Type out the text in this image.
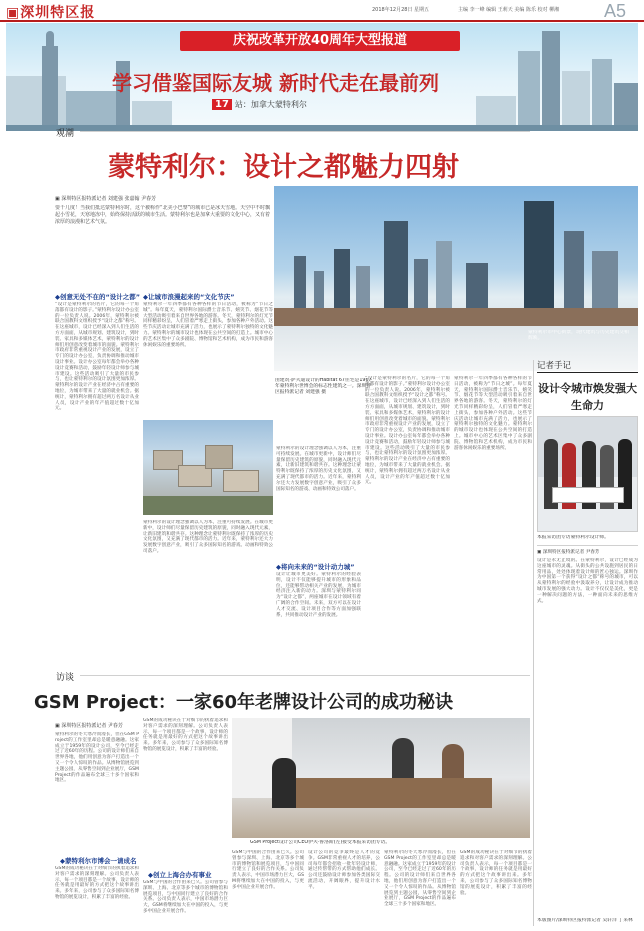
▣深圳特区报	2018年12月28日 星期五	主编 李一峰 编辑 王莉天 美编 陈乐 校对 柳湘 A5
庆祝改革开放40周年大型报道
学习借鉴国际友城 新时代走在最前列
17 站：加拿大蒙特利尔
观潮
蒙特利尔：设计之都魅力四射
▣ 深圳特区报特派记者 刘建强 张嘉翰 尹春芳
要千几度！当我们抵达蒙特利尔时，这个被称作“北美小巴黎”的城市已是冰天雪地。天空中不时飘起小雪花，天寒地冻中，始终保持活跃的城市生活。蒙特利尔也是加拿大重要的文化中心，又有着浓厚的浪漫和艺术气氛。
蒙特利尔市中心街景，现代建筑与历史建筑交相辉映。
◆创意无处不在的“设计之都”
“设计是蒙特利尔的名片，它的每一个角落都有设计的影子。”蒙特利尔设计办公室的一位负责人说。2006年，蒙特利尔被联合国教科文组织授予“设计之都”称号。在这座城市，设计已经深入到人们生活的方方面面，从城市规划、建筑设计，到时装、家具和多媒体艺术，蒙特利尔的设计师们用创意改变着城市的面貌。蒙特利尔市政府非常重视设计产业的发展，设立了专门的设计办公室，负责协调和推动城市设计事业。设计办公室每年都会举办各种设计竞赛和活动，鼓励年轻设计师参与城市建设。这些活动吸引了大量的市民参与，也让蒙特利尔的设计氛围更加浓厚。蒙特利尔的设计产业在经济中占有重要的地位，为城市带来了大量的就业机会。据统计，蒙特利尔拥有超过两万名设计从业人员，设计产业的年产值超过数十亿加元。
◆让城市浪漫起来的“文化节庆”
蒙特利尔一年四季都有各种各样的节日活动，被称为“节日之城”。每年夏天，蒙特利尔国际爵士音乐节、嬉笑节、烟花节等大型活动吸引着来自世界各地的游客。冬天，蒙特利尔的灯光节同样精彩纷呈，人们冒着严寒走上街头，参加各种户外活动。这些节庆活动让城市充满了活力，也展示了蒙特利尔独特的文化魅力。蒙特利尔的城市设计也体现在公共空间的打造上。城市中心的艺术区集中了众多剧院、博物馆和艺术机构，成为市民和游客休闲娱乐的重要场所。
由建筑·萨夫迪设计的Habitat 67住宅是1967年蒙特利尔世博会的标志性建筑之一。深圳特区报特派记者 刘建强 摄
蒙特利尔的设计理念强调以人为本，注重可持续发展。在城市更新中，设计师们尽量保留历史建筑的原貌，同时融入现代元素，让新旧建筑和谐共存。这种理念让蒙特利尔既保持了浓厚的历史文化氛围，又充满了现代都市的活力。近年来，蒙特利尔还大力发展数字创意产业，吸引了众多国际知名的游戏、动画和特效公司落户。
蒙特利尔的设计理念强调以人为本，注重可持续发展。在城市更新中，设计师们尽量保留历史建筑的原貌，同时融入现代元素，让新旧建筑和谐共存。这种理念让蒙特利尔既保持了浓厚的历史文化氛围，又充满了现代都市的活力。近年来，蒙特利尔还大力发展数字创意产业，吸引了众多国际知名的游戏、动画和特效公司落户。
◆将向未来的“设计动力城”
设计让城市更美好。蒙特利尔的经验表明，设计不仅能够提升城市的形象和品位，还能够带动相关产业的发展，为城市经济注入新的动力。深圳与蒙特利尔同为“设计之都”，两座城市在设计领域有着广阔的合作空间。未来，双方可以在设计人才交流、设计项目合作等方面加强联系，共同推动设计产业的发展。
“设计是蒙特利尔的名片，它的每一个角落都有设计的影子。”蒙特利尔设计办公室的一位负责人说。2006年，蒙特利尔被联合国教科文组织授予“设计之都”称号。在这座城市，设计已经深入到人们生活的方方面面，从城市规划、建筑设计，到时装、家具和多媒体艺术，蒙特利尔的设计师们用创意改变着城市的面貌。蒙特利尔市政府非常重视设计产业的发展，设立了专门的设计办公室，负责协调和推动城市设计事业。设计办公室每年都会举办各种设计竞赛和活动，鼓励年轻设计师参与城市建设。这些活动吸引了大量的市民参与，也让蒙特利尔的设计氛围更加浓厚。蒙特利尔的设计产业在经济中占有重要的地位，为城市带来了大量的就业机会。据统计，蒙特利尔拥有超过两万名设计从业人员，设计产业的年产值超过数十亿加元。
蒙特利尔一年四季都有各种各样的节日活动，被称为“节日之城”。每年夏天，蒙特利尔国际爵士音乐节、嬉笑节、烟花节等大型活动吸引着来自世界各地的游客。冬天，蒙特利尔的灯光节同样精彩纷呈，人们冒着严寒走上街头，参加各种户外活动。这些节庆活动让城市充满了活力，也展示了蒙特利尔独特的文化魅力。蒙特利尔的城市设计也体现在公共空间的打造上。城市中心的艺术区集中了众多剧院、博物馆和艺术机构，成为市民和游客休闲娱乐的重要场所。
记者手记
设计令城市焕发强大生命力
本报采访团专访蒙特利尔设计师。
▣ 深圳特区报特派记者 尹春芳
设计是永无止境的。在蒙特利尔，设计已经成为这座城市的灵魂。从街头的公共设施到居民的日常用品，处处体现着设计师的匠心独运。深圳作为中国第一个获得“设计之都”称号的城市，可以从蒙特利尔的经验中汲取养分，让设计成为推动城市发展的强大动力。设计不仅仅是美化，更是一种解决问题的方法，一种面向未来的思维方式。
本版图片/深圳特区报特派记者 吴轩洋 丁来林
访谈
GSM Project：一家60年老牌设计公司的成功秘诀
▣ 深圳特区报特派记者 尹春芳
蒙特利尔的冬天寒冷而漫长，但在GSM Project的工作室里却总是暖意融融。这家成立于1959年的设计公司，至今已经走过了近60年的历程。公司的设计师们来自世界各地，他们用创意为客户打造出一个又一个令人惊叹的作品。从博物馆展览到主题公园，从零售空间到企业展厅，GSM Project的作品遍布全球三十多个国家和地区。
◆蒙特利尔市博会一请成名
GSM的成功秘诀在于对细节的执着追求和对客户需求的深刻理解。公司负责人表示，每一个项目都是一个故事，设计师的任务就是用最好的方式把这个故事讲出来。多年来，公司参与了众多国际知名博物馆的展览设计，积累了丰富的经验。
GSM的成功秘诀在于对细节的执着追求和对客户需求的深刻理解。公司负责人表示，每一个项目都是一个故事，设计师的任务就是用最好的方式把这个故事讲出来。多年来，公司参与了众多国际知名博物馆的展览设计，积累了丰富的经验。
◆创立上海合办有事业
GSM与中国的合作由来已久。公司曾参与深圳、上海、北京等多个城市的博物馆和展览项目，与中国同行建立了良好的合作关系。公司负责人表示，中国市场潜力巨大，GSM将继续加大在中国的投入，与更多中国企业开展合作。
GSM Project设计公司CEO伊夫·鲁洛斯(左)接受本报采访团专访。
GSM与中国的合作由来已久。公司曾参与深圳、上海、北京等多个城市的博物馆和展览项目，与中国同行建立了良好的合作关系。公司负责人表示，中国市场潜力巨大，GSM将继续加大在中国的投入，与更多中国企业开展合作。
设计公司的竞争最终是人才的竞争。GSM非常重视人才的培养，公司每年都会招收一批年轻设计师，通过传帮带的方式帮助他们成长。公司还鼓励设计师参加各类国际交流活动，开阔眼界，提升设计水平。
蒙特利尔的冬天寒冷而漫长，但在GSM Project的工作室里却总是暖意融融。这家成立于1959年的设计公司，至今已经走过了近60年的历程。公司的设计师们来自世界各地，他们用创意为客户打造出一个又一个令人惊叹的作品。从博物馆展览到主题公园，从零售空间到企业展厅，GSM Project的作品遍布全球三十多个国家和地区。
GSM的成功秘诀在于对细节的执着追求和对客户需求的深刻理解。公司负责人表示，每一个项目都是一个故事，设计师的任务就是用最好的方式把这个故事讲出来。多年来，公司参与了众多国际知名博物馆的展览设计，积累了丰富的经验。
